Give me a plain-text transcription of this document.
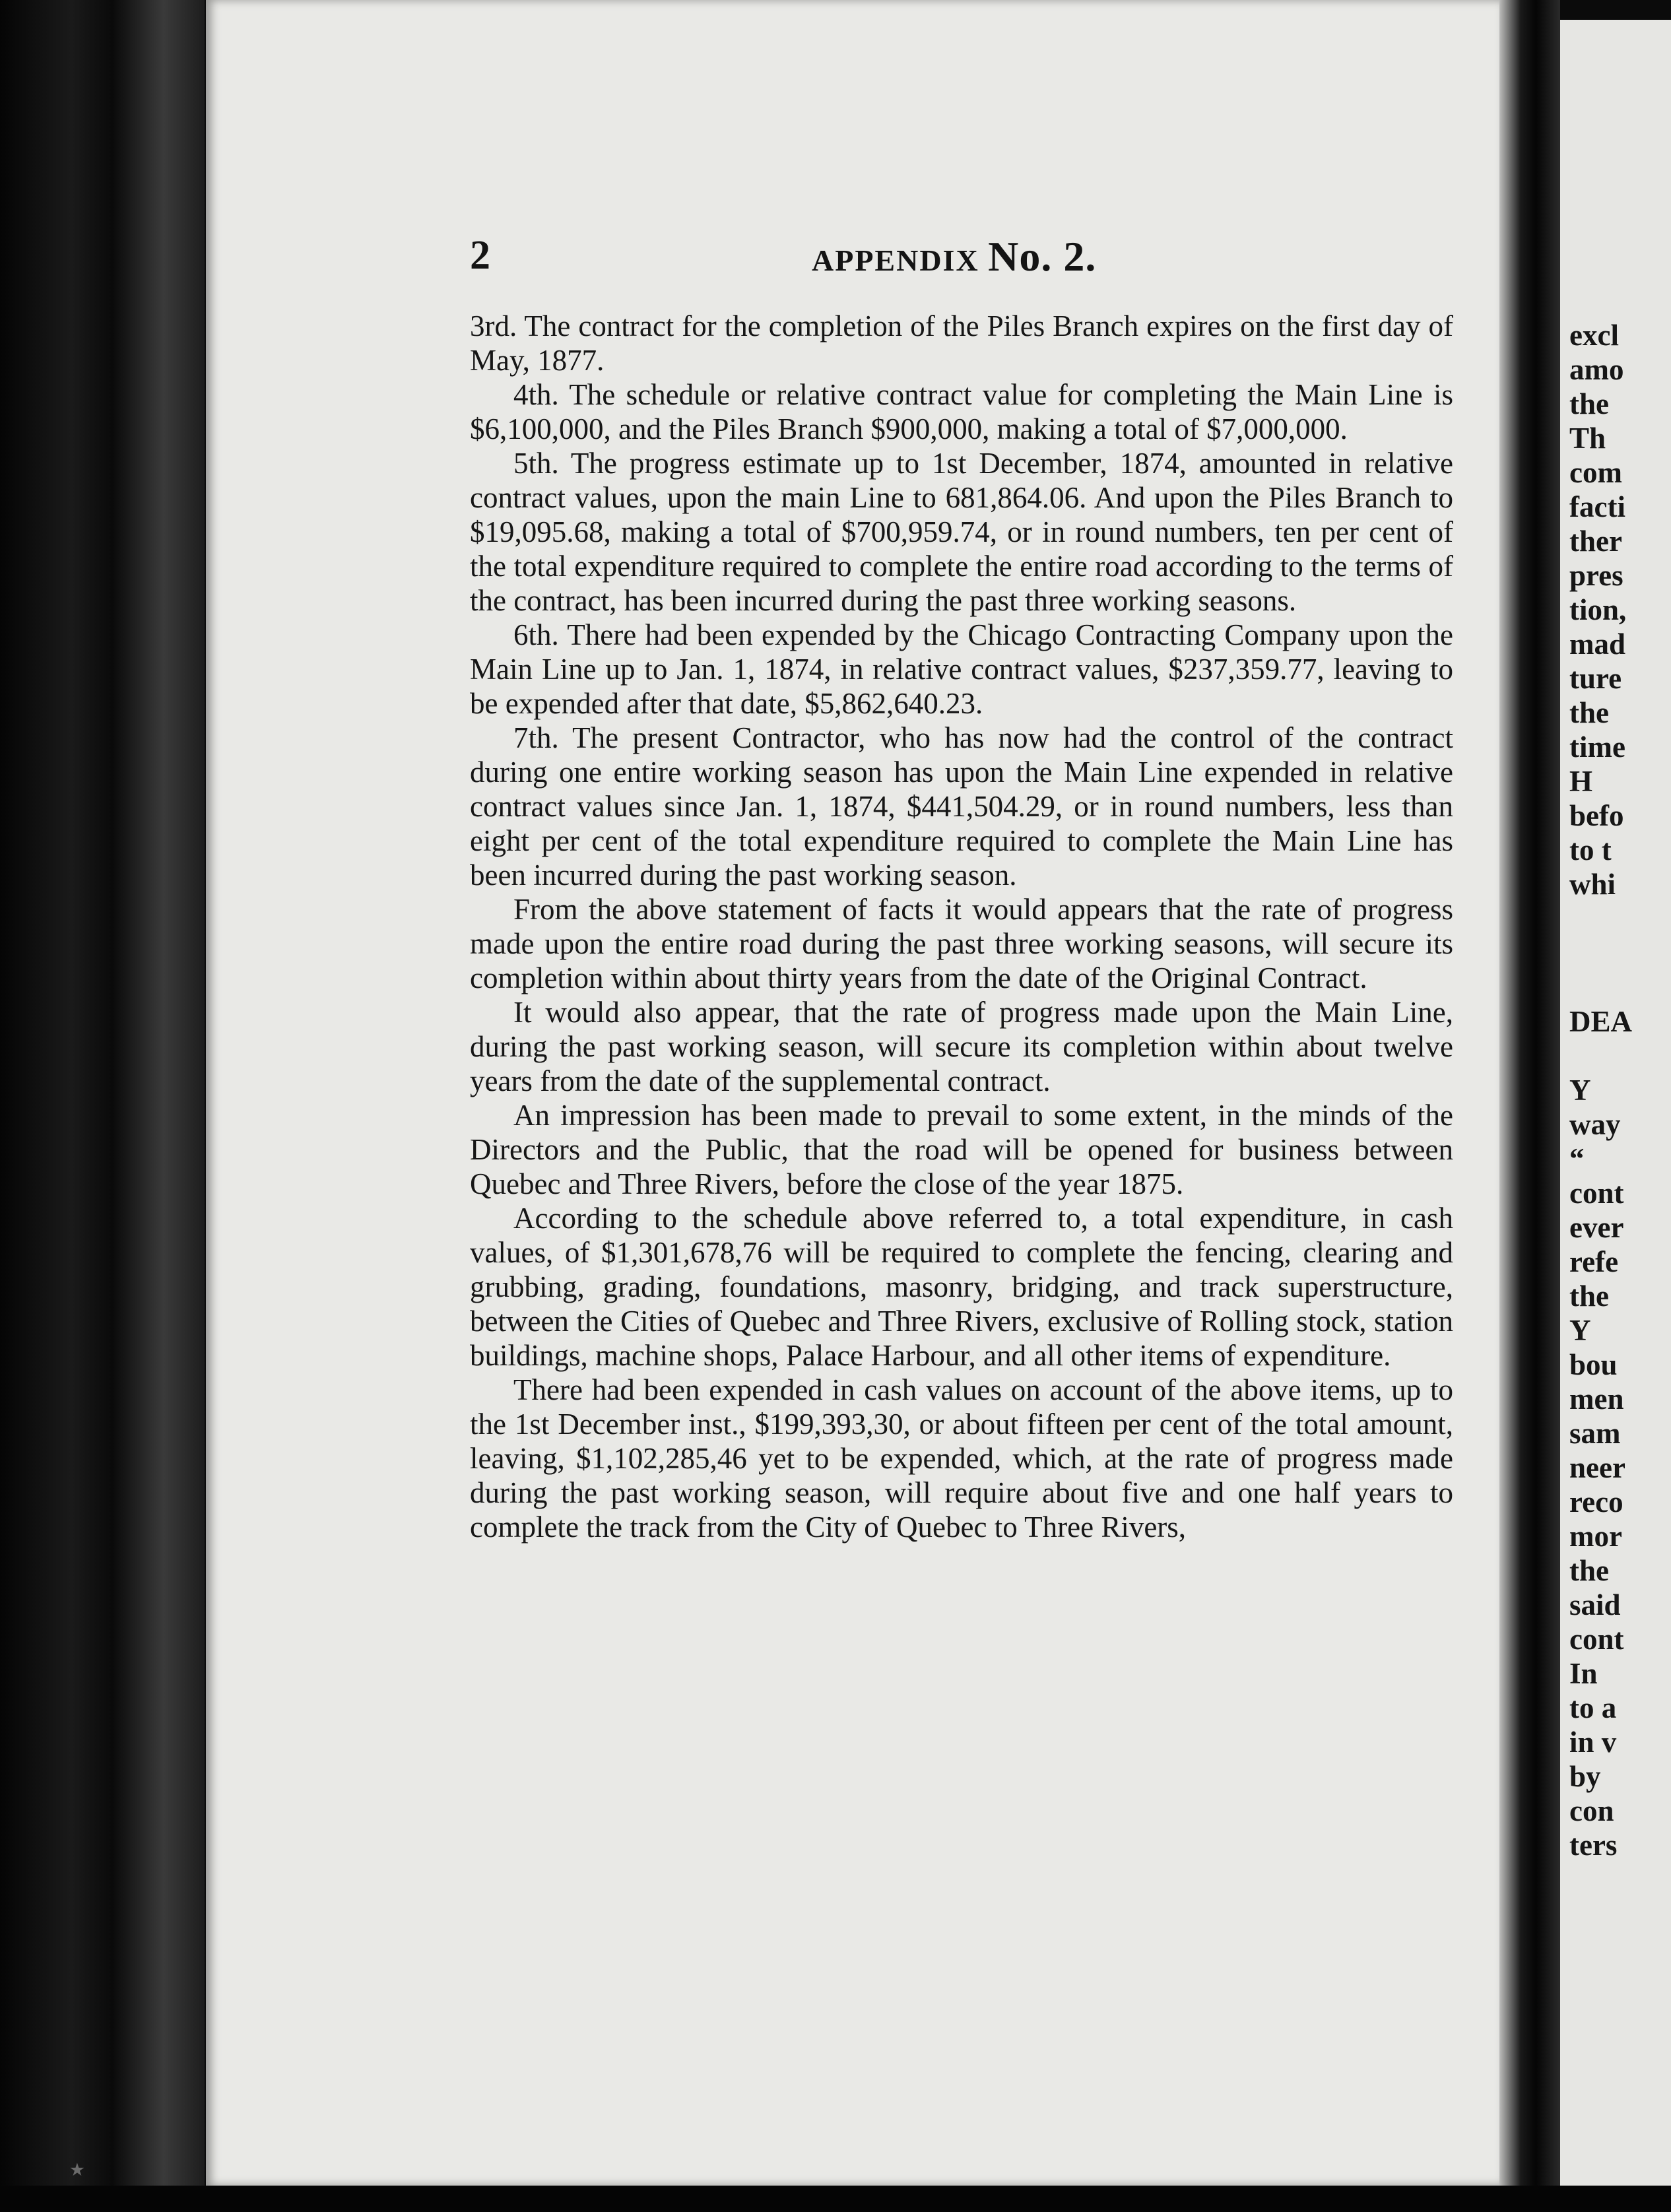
2	APPENDIX No. 2.

3rd. The contract for the completion of the Piles Branch expires on the first day of May, 1877.

4th. The schedule or relative contract value for completing the Main Line is $6,100,000, and the Piles Branch $900,000, making a total of $7,000,000.

5th. The progress estimate up to 1st December, 1874, amounted in relative contract values, upon the main Line to 681,864.06. And upon the Piles Branch to $19,095.68, making a total of $700,959.74, or in round numbers, ten per cent of the total expenditure required to complete the entire road according to the terms of the contract, has been incurred during the past three working seasons.

6th. There had been expended by the Chicago Contracting Company upon the Main Line up to Jan. 1, 1874, in relative contract values, $237,359.77, leaving to be expended after that date, $5,862,640.23.

7th. The present Contractor, who has now had the control of the contract during one entire working season has upon the Main Line expended in relative contract values since Jan. 1, 1874, $441,504.29, or in round numbers, less than eight per cent of the total expenditure required to complete the Main Line has been incurred during the past working season.

From the above statement of facts it would appears that the rate of progress made upon the entire road during the past three working seasons, will secure its completion within about thirty years from the date of the Original Contract.

It would also appear, that the rate of progress made upon the Main Line, during the past working season, will secure its completion within about twelve years from the date of the supplemental contract.

An impression has been made to prevail to some extent, in the minds of the Directors and the Public, that the road will be opened for business between Quebec and Three Rivers, before the close of the year 1875.

According to the schedule above referred to, a total expenditure, in cash values, of $1,301,678,76 will be required to complete the fencing, clearing and grubbing, grading, foundations, masonry, bridging, and track superstructure, between the Cities of Quebec and Three Rivers, exclusive of Rolling stock, station buildings, machine shops, Palace Harbour, and all other items of expenditure.

There had been expended in cash values on account of the above items, up to the 1st December inst., $199,393,30, or about fifteen per cent of the total amount, leaving, $1,102,285,46 yet to be expended, which, at the rate of progress made during the past working season, will require about five and one half years to complete the track from the City of Quebec to Three Rivers,

excl
amo
the
Th
com
facti
ther
pres
tion,
mad
ture
the
time
H
befo
to t
whi
DEA
Y
way
“
cont
ever
refe
the
Y
bou
men
sam
neer
reco
mor
the
said
cont
In
to a
in v
by
con
ters
⋆
